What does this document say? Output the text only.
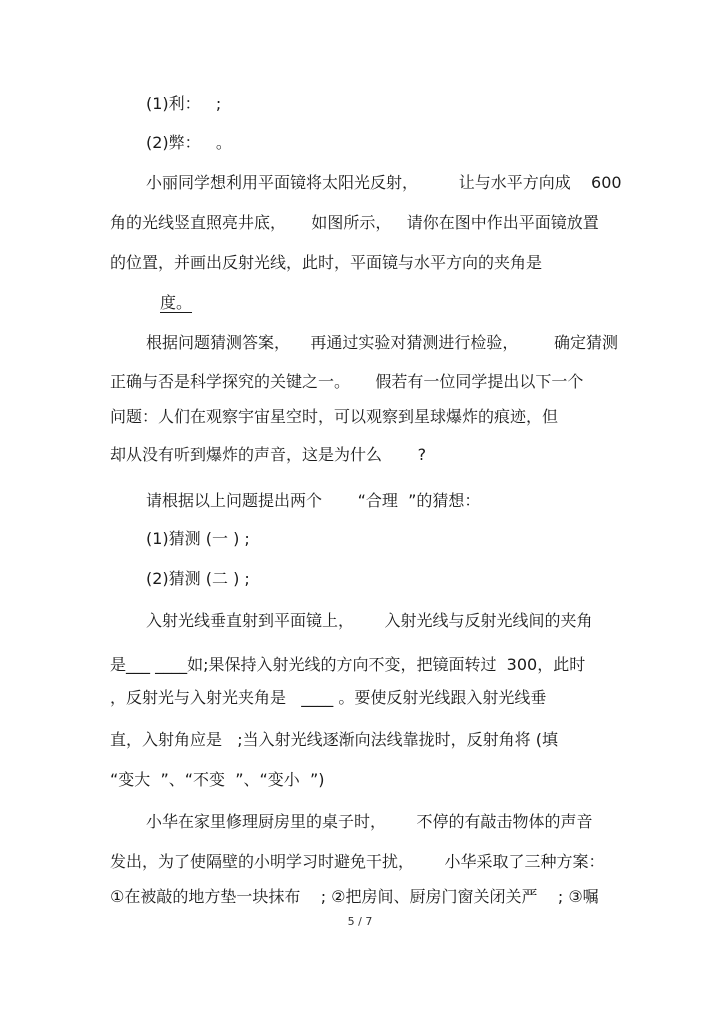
(1)利：   ;
(2)弊：   。
小丽同学想利用平面镜将太阳光反射，        让与水平方向成    600
角的光线竖直照亮井底，     如图所示，   请你在图中作出平面镜放置
的位置，并画出反射光线，此时，平面镜与水平方向的夹角是
度。
根据问题猜测答案，    再通过实验对猜测进行检验，       确定猜测
正确与否是科学探究的关键之一。     假若有一位同学提出以下一个
问题：人们在观察宇宙星空时，可以观察到星球爆炸的痕迹，但
却从没有听到爆炸的声音，这是为什么       ?
请根据以上问题提出两个       “合理  ”的猜想：
(1)猜测 (一 ) ;
(2)猜测 (二 ) ;
入射光线垂直射到平面镜上，      入射光线与反射光线间的夹角
是___ ____如;果保持入射光线的方向不变，把镜面转过  300，此时
，反射光与入射光夹角是   ____ 。要使反射光线跟入射光线垂
直，入射角应是   ;当入射光线逐渐向法线靠拢时，反射角将 (填
“变大  ”、“不变  ”、“变小  ”)
小华在家里修理厨房里的桌子时，      不停的有敲击物体的声音
发出，为了使隔壁的小明学习时避免干扰，      小华采取了三种方案：
①在被敲的地方垫一块抹布    ; ②把房间、厨房门窗关闭关严    ; ③嘱
5 / 7
